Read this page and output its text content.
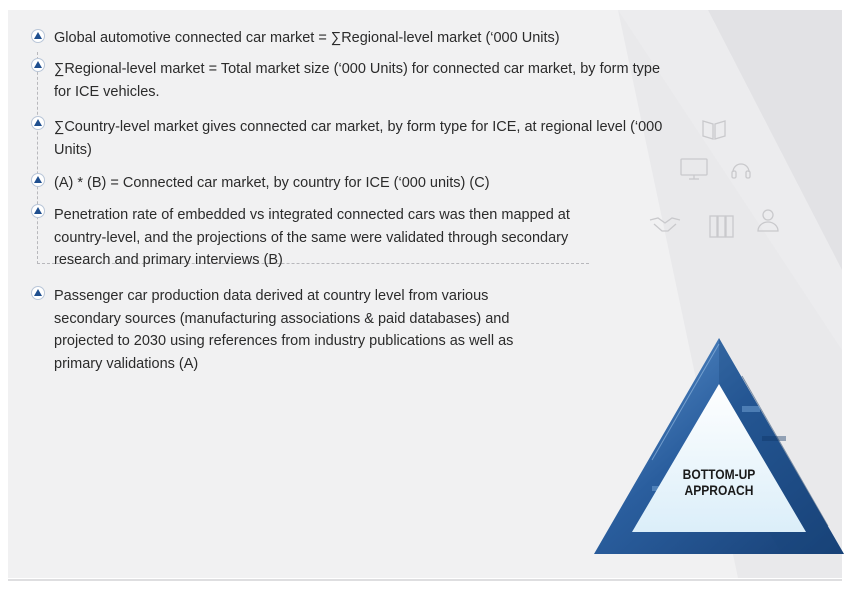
Global automotive connected car market = ∑Regional-level market (‘000 Units)
∑Regional-level market = Total market size (‘000 Units) for connected car market, by form type for ICE vehicles.
∑Country-level market gives connected car market, by form type for ICE, at regional level (‘000 Units)
(A) * (B) = Connected car market, by country for ICE (‘000 units) (C)
Penetration rate of embedded vs integrated connected cars was then mapped at country-level, and the projections of the same were validated through secondary research and primary interviews (B)
Passenger car production data derived at country level from various secondary sources (manufacturing associations & paid databases) and projected to 2030 using references from industry publications as well as primary validations (A)
BOTTOM-UP
APPROACH
